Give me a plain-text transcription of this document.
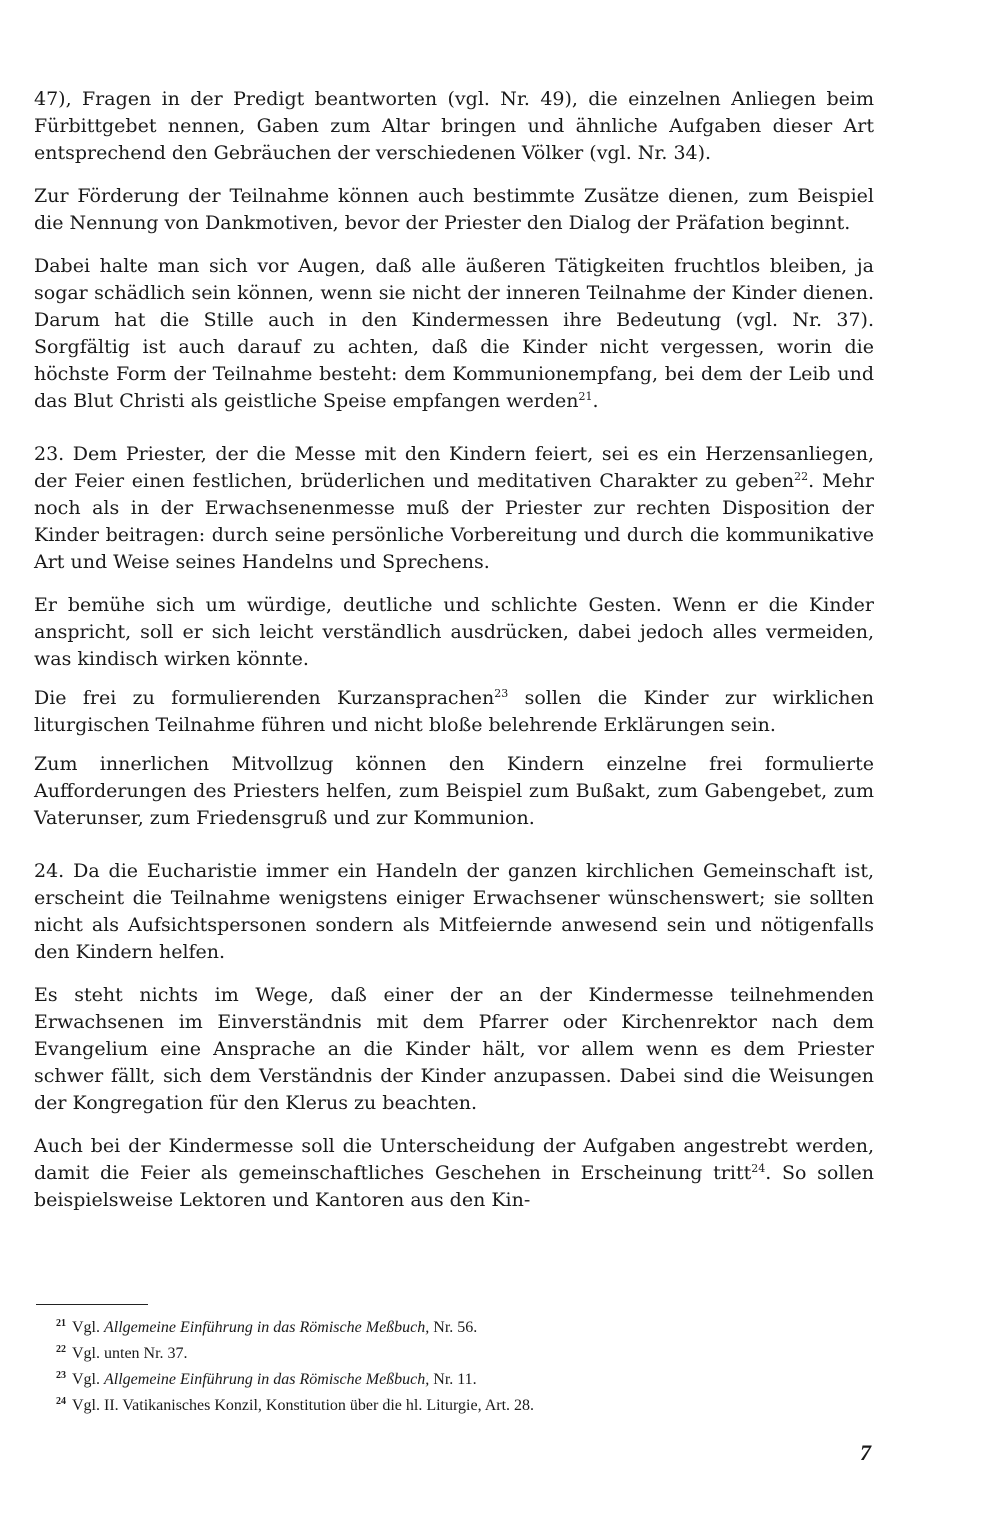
47), Fragen in der Predigt beantworten (vgl. Nr. 49), die einzelnen Anliegen beim Fürbittgebet nennen, Gaben zum Altar bringen und ähnliche Aufgaben dieser Art entsprechend den Gebräuchen der verschiedenen Völker (vgl. Nr. 34).

Zur Förderung der Teilnahme können auch bestimmte Zusätze dienen, zum Beispiel die Nennung von Dankmotiven, bevor der Priester den Dialog der Präfation beginnt.

Dabei halte man sich vor Augen, daß alle äußeren Tätigkeiten fruchtlos bleiben, ja sogar schädlich sein können, wenn sie nicht der inneren Teilnahme der Kinder dienen. Darum hat die Stille auch in den Kindermessen ihre Bedeutung (vgl. Nr. 37). Sorgfältig ist auch darauf zu achten, daß die Kinder nicht vergessen, worin die höchste Form der Teilnahme besteht: dem Kommunionempfang, bei dem der Leib und das Blut Christi als geistliche Speise empfangen werden$^{21}$.

23. Dem Priester, der die Messe mit den Kindern feiert, sei es ein Herzensanliegen, der Feier einen festlichen, brüderlichen und meditativen Charakter zu geben$^{22}$. Mehr noch als in der Erwachsenenmesse muß der Priester zur rechten Disposition der Kinder beitragen: durch seine persönliche Vorbereitung und durch die kommunikative Art und Weise seines Handelns und Sprechens.

Er bemühe sich um würdige, deutliche und schlichte Gesten. Wenn er die Kinder anspricht, soll er sich leicht verständlich ausdrücken, dabei jedoch alles vermeiden, was kindisch wirken könnte.

Die frei zu formulierenden Kurzansprachen$^{23}$ sollen die Kinder zur wirklichen liturgischen Teilnahme führen und nicht bloße belehrende Erklärungen sein.

Zum innerlichen Mitvollzug können den Kindern einzelne frei formulierte Aufforderungen des Priesters helfen, zum Beispiel zum Bußakt, zum Gabengebet, zum Vaterunser, zum Friedensgruß und zur Kommunion.

24. Da die Eucharistie immer ein Handeln der ganzen kirchlichen Gemeinschaft ist, erscheint die Teilnahme wenigstens einiger Erwachsener wünschenswert; sie sollten nicht als Aufsichtspersonen sondern als Mitfeiernde anwesend sein und nötigenfalls den Kindern helfen.

Es steht nichts im Wege, daß einer der an der Kindermesse teilnehmenden Erwachsenen im Einverständnis mit dem Pfarrer oder Kirchenrektor nach dem Evangelium eine Ansprache an die Kinder hält, vor allem wenn es dem Priester schwer fällt, sich dem Verständnis der Kinder anzupassen. Dabei sind die Weisungen der Kongregation für den Klerus zu beachten.

Auch bei der Kindermesse soll die Unterscheidung der Aufgaben angestrebt werden, damit die Feier als gemeinschaftliches Geschehen in Erscheinung tritt$^{24}$. So sollen beispielsweise Lektoren und Kantoren aus den Kin-

$^{21}$ Vgl. Allgemeine Einführung in das Römische Meßbuch, Nr. 56.

$^{22}$ Vgl. unten Nr. 37.

$^{23}$ Vgl. Allgemeine Einführung in das Römische Meßbuch, Nr. 11.

$^{24}$ Vgl. II. Vatikanisches Konzil, Konstitution über die hl. Liturgie, Art. 28.

7
